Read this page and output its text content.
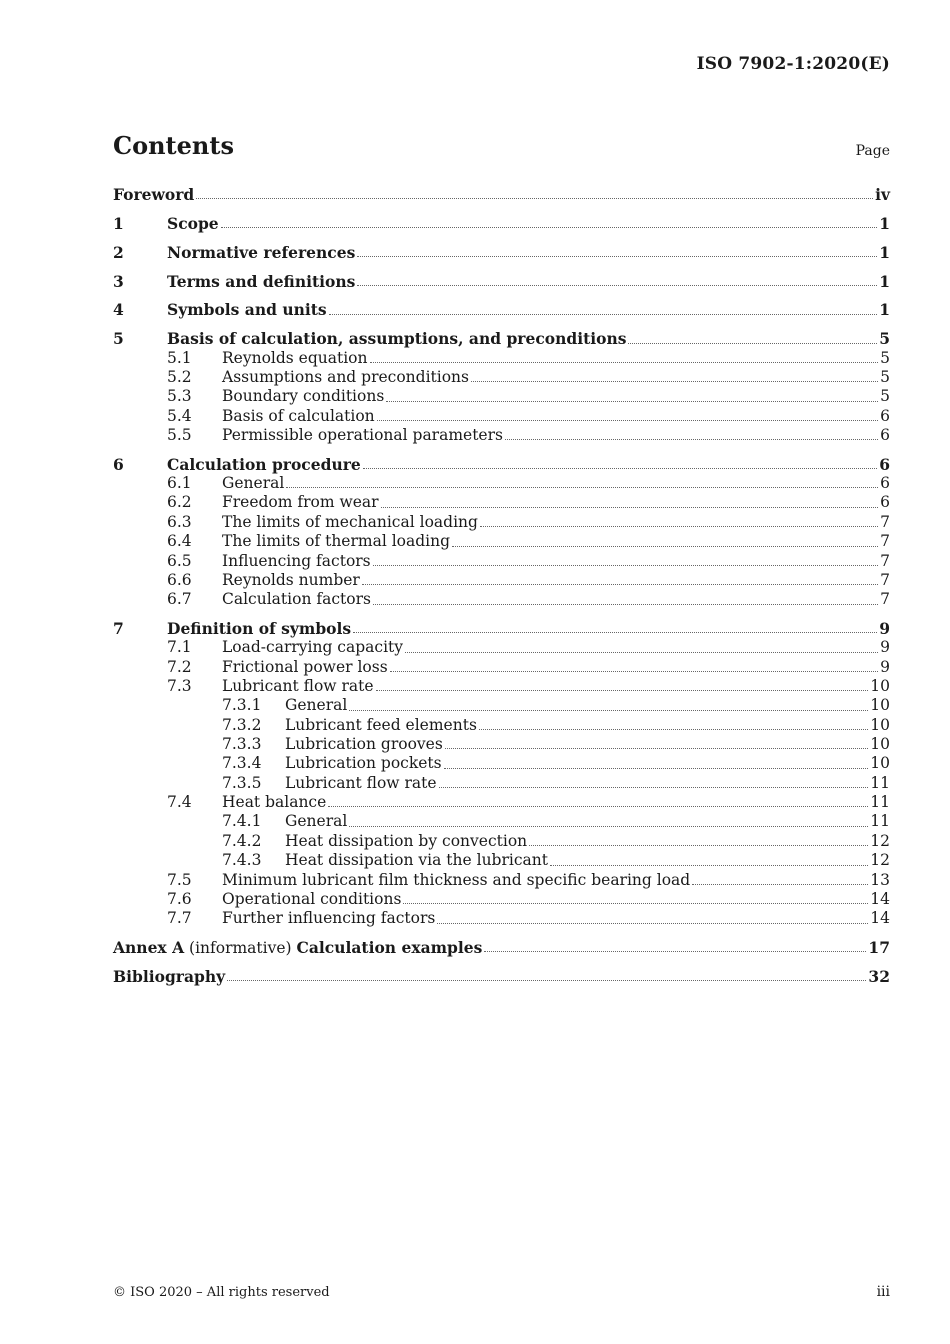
ISO 7902-1:2020(E)
Contents	Page
Foreword	iv
1	Scope	1
2	Normative references	1
3	Terms and definitions	1
4	Symbols and units	1
5	Basis of calculation, assumptions, and preconditions	5
5.1	Reynolds equation	5
5.2	Assumptions and preconditions	5
5.3	Boundary conditions	5
5.4	Basis of calculation	6
5.5	Permissible operational parameters	6
6	Calculation procedure	6
6.1	General	6
6.2	Freedom from wear	6
6.3	The limits of mechanical loading	7
6.4	The limits of thermal loading	7
6.5	Influencing factors	7
6.6	Reynolds number	7
6.7	Calculation factors	7
7	Definition of symbols	9
7.1	Load-carrying capacity	9
7.2	Frictional power loss	9
7.3	Lubricant flow rate	10
7.3.1	General	10
7.3.2	Lubricant feed elements	10
7.3.3	Lubrication grooves	10
7.3.4	Lubrication pockets	10
7.3.5	Lubricant flow rate	11
7.4	Heat balance	11
7.4.1	General	11
7.4.2	Heat dissipation by convection	12
7.4.3	Heat dissipation via the lubricant	12
7.5	Minimum lubricant film thickness and specific bearing load	13
7.6	Operational conditions	14
7.7	Further influencing factors	14
Annex A (informative) Calculation examples	17
Bibliography	32
© ISO 2020 – All rights reserved	iii
